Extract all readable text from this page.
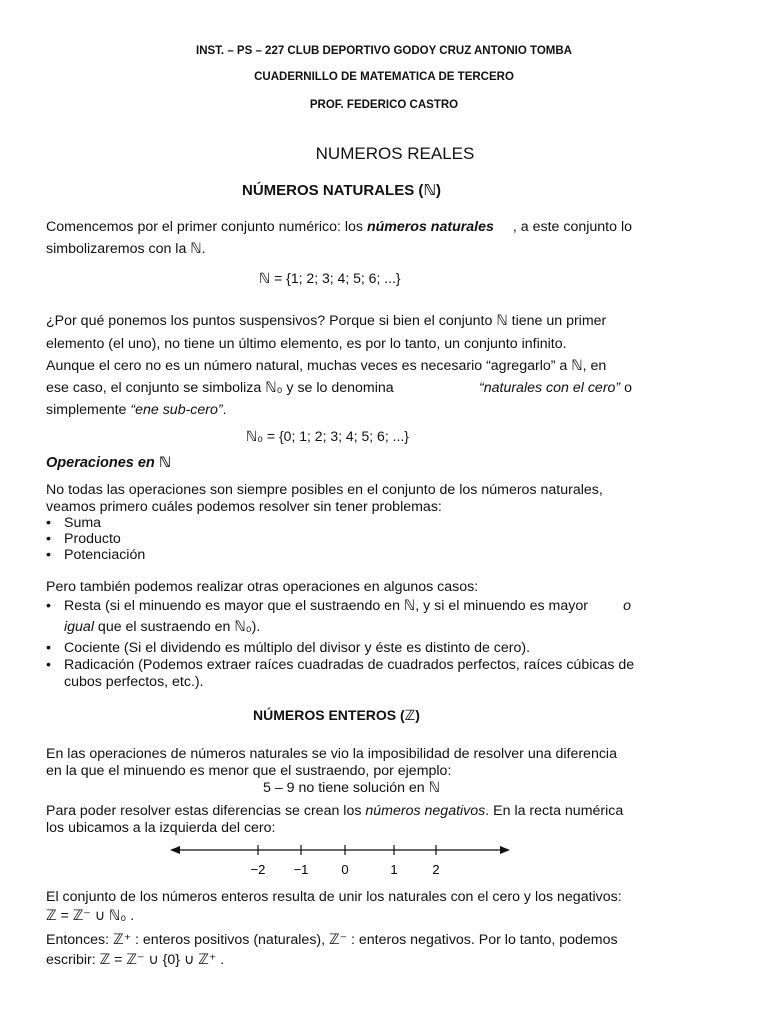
INST. – PS – 227 CLUB DEPORTIVO GODOY CRUZ ANTONIO TOMBA
CUADERNILLO DE MATEMATICA DE TERCERO
PROF. FEDERICO CASTRO
NUMEROS REALES
NÚMEROS NATURALES (ℕ)
Comencemos por el primer conjunto numérico: los números naturales , a este conjunto lo
simbolizaremos con la ℕ.
ℕ = {1; 2; 3; 4; 5; 6; ...}
¿Por qué ponemos los puntos suspensivos? Porque si bien el conjunto ℕ tiene un primer
elemento (el uno), no tiene un último elemento, es por lo tanto, un conjunto infinito.
Aunque el cero no es un número natural, muchas veces es necesario “agregarlo” a ℕ, en
ese caso, el conjunto se simboliza ℕ₀ y se lo denomina	“naturales con el cero” o
simplemente “ene sub-cero”.
ℕ₀ = {0; 1; 2; 3; 4; 5; 6; ...}
Operaciones en ℕ
No todas las operaciones son siempre posibles en el conjunto de los números naturales,
veamos primero cuáles podemos resolver sin tener problemas:
• Suma
• Producto
• Potenciación
Pero también podemos realizar otras operaciones en algunos casos:
• Resta (si el minuendo es mayor que el sustraendo en ℕ, y si el minuendo es mayor o
igual que el sustraendo en ℕ₀).
• Cociente (Si el dividendo es múltiplo del divisor y éste es distinto de cero).
• Radicación (Podemos extraer raíces cuadradas de cuadrados perfectos, raíces cúbicas de
cubos perfectos, etc.).
NÚMEROS ENTEROS (ℤ)
En las operaciones de números naturales se vio la imposibilidad de resolver una diferencia
en la que el minuendo es menor que el sustraendo, por ejemplo:
5 – 9 no tiene solución en ℕ
Para poder resolver estas diferencias se crean los números negativos. En la recta numérica
los ubicamos a la izquierda del cero:
−2 −1	0	1	2
El conjunto de los números enteros resulta de unir los naturales con el cero y los negativos:
ℤ = ℤ⁻ ∪ ℕ₀ .
Entonces: ℤ⁺ : enteros positivos (naturales), ℤ⁻ : enteros negativos. Por lo tanto, podemos
escribir: ℤ = ℤ⁻ ∪ {0} ∪ ℤ⁺ .
